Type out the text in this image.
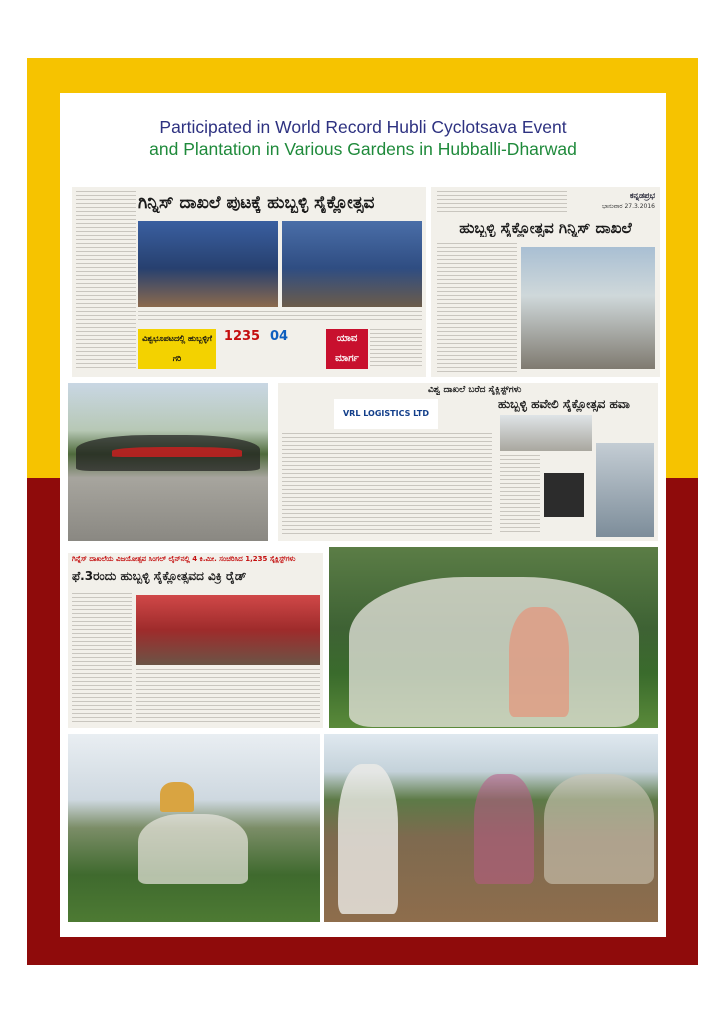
Participated in World Record Hubli Cyclotsava Event
and Plantation in Various Gardens in Hubballi-Dharwad
ಗಿನ್ನಿಸ್ ದಾಖಲೆ ಪುಟಕ್ಕೆ ಹುಬ್ಬಳ್ಳಿ ಸೈಕ್ಲೋತ್ಸವ
ವಿಶ್ವಭೂಪಟದಲ್ಲಿ ಹುಬ್ಬಳ್ಳಿಗೆ ಗರಿ
1235 04	ಯಾವ ಮಾರ್ಗ
ಕನ್ನಡಪ್ರಭ
ಭಾನುವಾರ 27.3.2016
ಹುಬ್ಬಳ್ಳಿ ಸೈಕ್ಲೋತ್ಸವ ಗಿನ್ನಿಸ್ ದಾಖಲೆ
ವಿಶ್ವ ದಾಖಲೆ ಬರೆದ ಸೈಕ್ಲಿಸ್ಟ್‌ಗಳು
ಹುಬ್ಬಳ್ಳಿ ಹವೇಲಿ ಸೈಕ್ಲೋತ್ಸವ ಹವಾ
VRL LOGISTICS LTD
ಗಿನ್ನೆಸ್ ದಾಖಲೆಯ ವಿಜಯೋತ್ಸವ ಸಿಂಗಲ್ ಲೈನ್‌ನಲ್ಲಿ 4 ಕಿ.ಮೀ. ಸಂಚರಿಸಿದ 1,235 ಸೈಕ್ಲಿಸ್ಟ್‌ಗಳು
ಫೆ.3ರಂದು ಹುಬ್ಬಳ್ಳಿ ಸೈಕ್ಲೋತ್ಸವದ ವಿಕ್ರಿ ರೈಡ್
